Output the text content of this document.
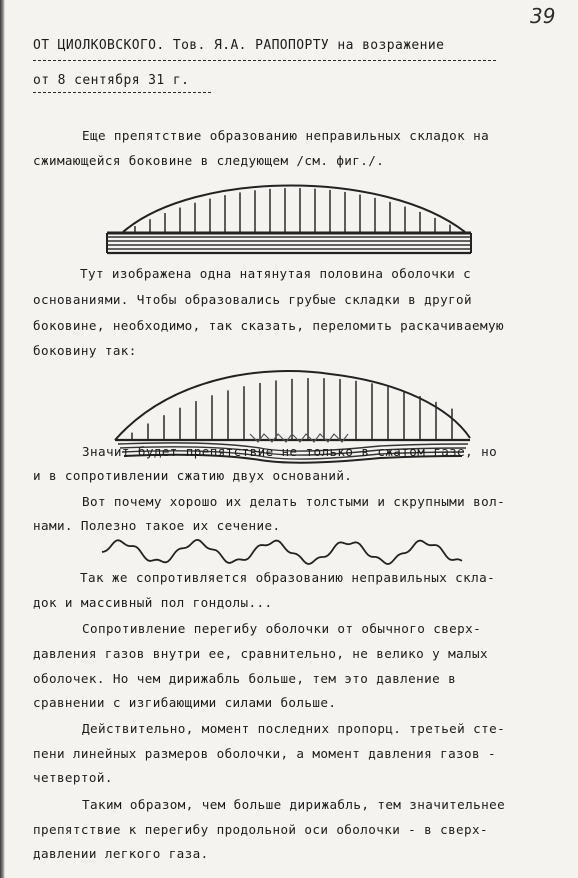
39
ОТ ЦИОЛКОВСКОГО. Тов. Я.А. РАПОПОРТУ на возражение
от 8 сентября 31 г.
Еще препятствие образованию неправильных складок на
сжимающейся боковине в следующем /см. фиг./.
Тут изображена одна натянутая половина оболочки с
основаниями. Чтобы образовались грубые складки в другой
боковине, необходимо, так сказать, переломить раскачиваемую
боковину так:
Значит будет препятствие не только в сжатом газе, но
и в сопротивлении сжатию двух оснований.
Вот почему хорошо их делать толстыми и скрупными вол-
нами. Полезно такое их сечение.
Так же сопротивляется образованию неправильных скла-
док и массивный пол гондолы...
Сопротивление перегибу оболочки от обычного сверх-
давления газов внутри ее, сравнительно, не велико у малых
оболочек. Но чем дирижабль больше, тем это давление в
сравнении с изгибающими силами больше.
Действительно, момент последних пропорц. третьей сте-
пени линейных размеров оболочки, а момент давления газов -
четвертой.
Таким образом, чем больше дирижабль, тем значительнее
препятствие к перегибу продольной оси оболочки - в сверх-
давлении легкого газа.
